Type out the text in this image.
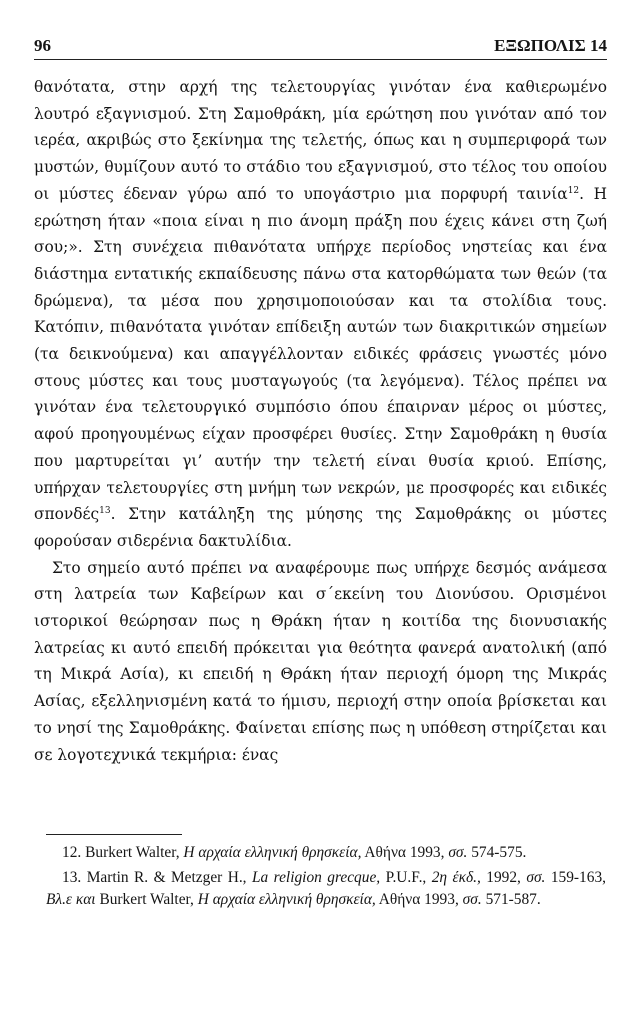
96	ΕΞΩΠΟΛΙΣ 14

θανότατα, στην αρχή της τελετουργίας γινόταν ένα καθιερωμένο λουτρό εξαγνισμού. Στη Σαμοθράκη, μία ερώτηση που γινόταν από τον ιερέα, ακριβώς στο ξεκίνημα της τελετής, όπως και η συμπεριφορά των μυστών, θυμίζουν αυτό το στάδιο του εξαγνισμού, στο τέλος του οποίου οι μύστες έδεναν γύρω από το υπογάστριο μια πορφυρή ταινία$^{12}$. Η ερώτηση ήταν «ποια είναι η πιο άνομη πράξη που έχεις κάνει στη ζωή σου;». Στη συνέχεια πιθανότατα υπήρχε περίοδος νηστείας και ένα διάστημα εντατικής εκπαίδευσης πάνω στα κατορθώματα των θεών (τα δρώμενα), τα μέσα που χρησιμοποιούσαν και τα στολίδια τους. Κατόπιν, πιθανότατα γινόταν επίδειξη αυτών των διακριτικών σημείων (τα δεικνούμενα) και απαγγέλλονταν ειδικές φράσεις γνωστές μόνο στους μύστες και τους μυσταγωγούς (τα λεγόμενα). Τέλος πρέπει να γινόταν ένα τελετουργικό συμπόσιο όπου έπαιρναν μέρος οι μύστες, αφού προηγουμένως είχαν προσφέρει θυσίες. Στην Σαμοθράκη η θυσία που μαρτυρείται γι’ αυτήν την τελετή είναι θυσία κριού. Επίσης, υπήρχαν τελετουργίες στη μνήμη των νεκρών, με προσφορές και ειδικές σπονδές$^{13}$. Στην κατάληξη της μύησης της Σαμοθράκης οι μύστες φορούσαν σιδερένια δακτυλίδια.

Στο σημείο αυτό πρέπει να αναφέρουμε πως υπήρχε δεσμός ανάμεσα στη λατρεία των Καβείρων και σ΄εκείνη του Διονύσου. Ορισμένοι ιστορικοί θεώρησαν πως η Θράκη ήταν η κοιτίδα της διονυσιακής λατρείας κι αυτό επειδή πρόκειται για θεότητα φανερά ανατολική (από τη Μικρά Ασία), κι επειδή η Θράκη ήταν περιοχή όμορη της Μικράς Ασίας, εξελληνισμένη κατά το ήμισυ, περιοχή στην οποία βρίσκεται και το νησί της Σαμοθράκης. Φαίνεται επίσης πως η υπόθεση στηρίζεται και σε λογοτεχνικά τεκμήρια: ένας

12. Burkert Walter, Η αρχαία ελληνική θρησκεία, Αθήνα 1993, σσ. 574-575.

13. Martin R. & Metzger H., La religion grecque, P.U.F., 2η έκδ., 1992, σσ. 159-163, Βλ.ε και Burkert Walter, Η αρχαία ελληνική θρησκεία, Αθήνα 1993, σσ. 571-587.
